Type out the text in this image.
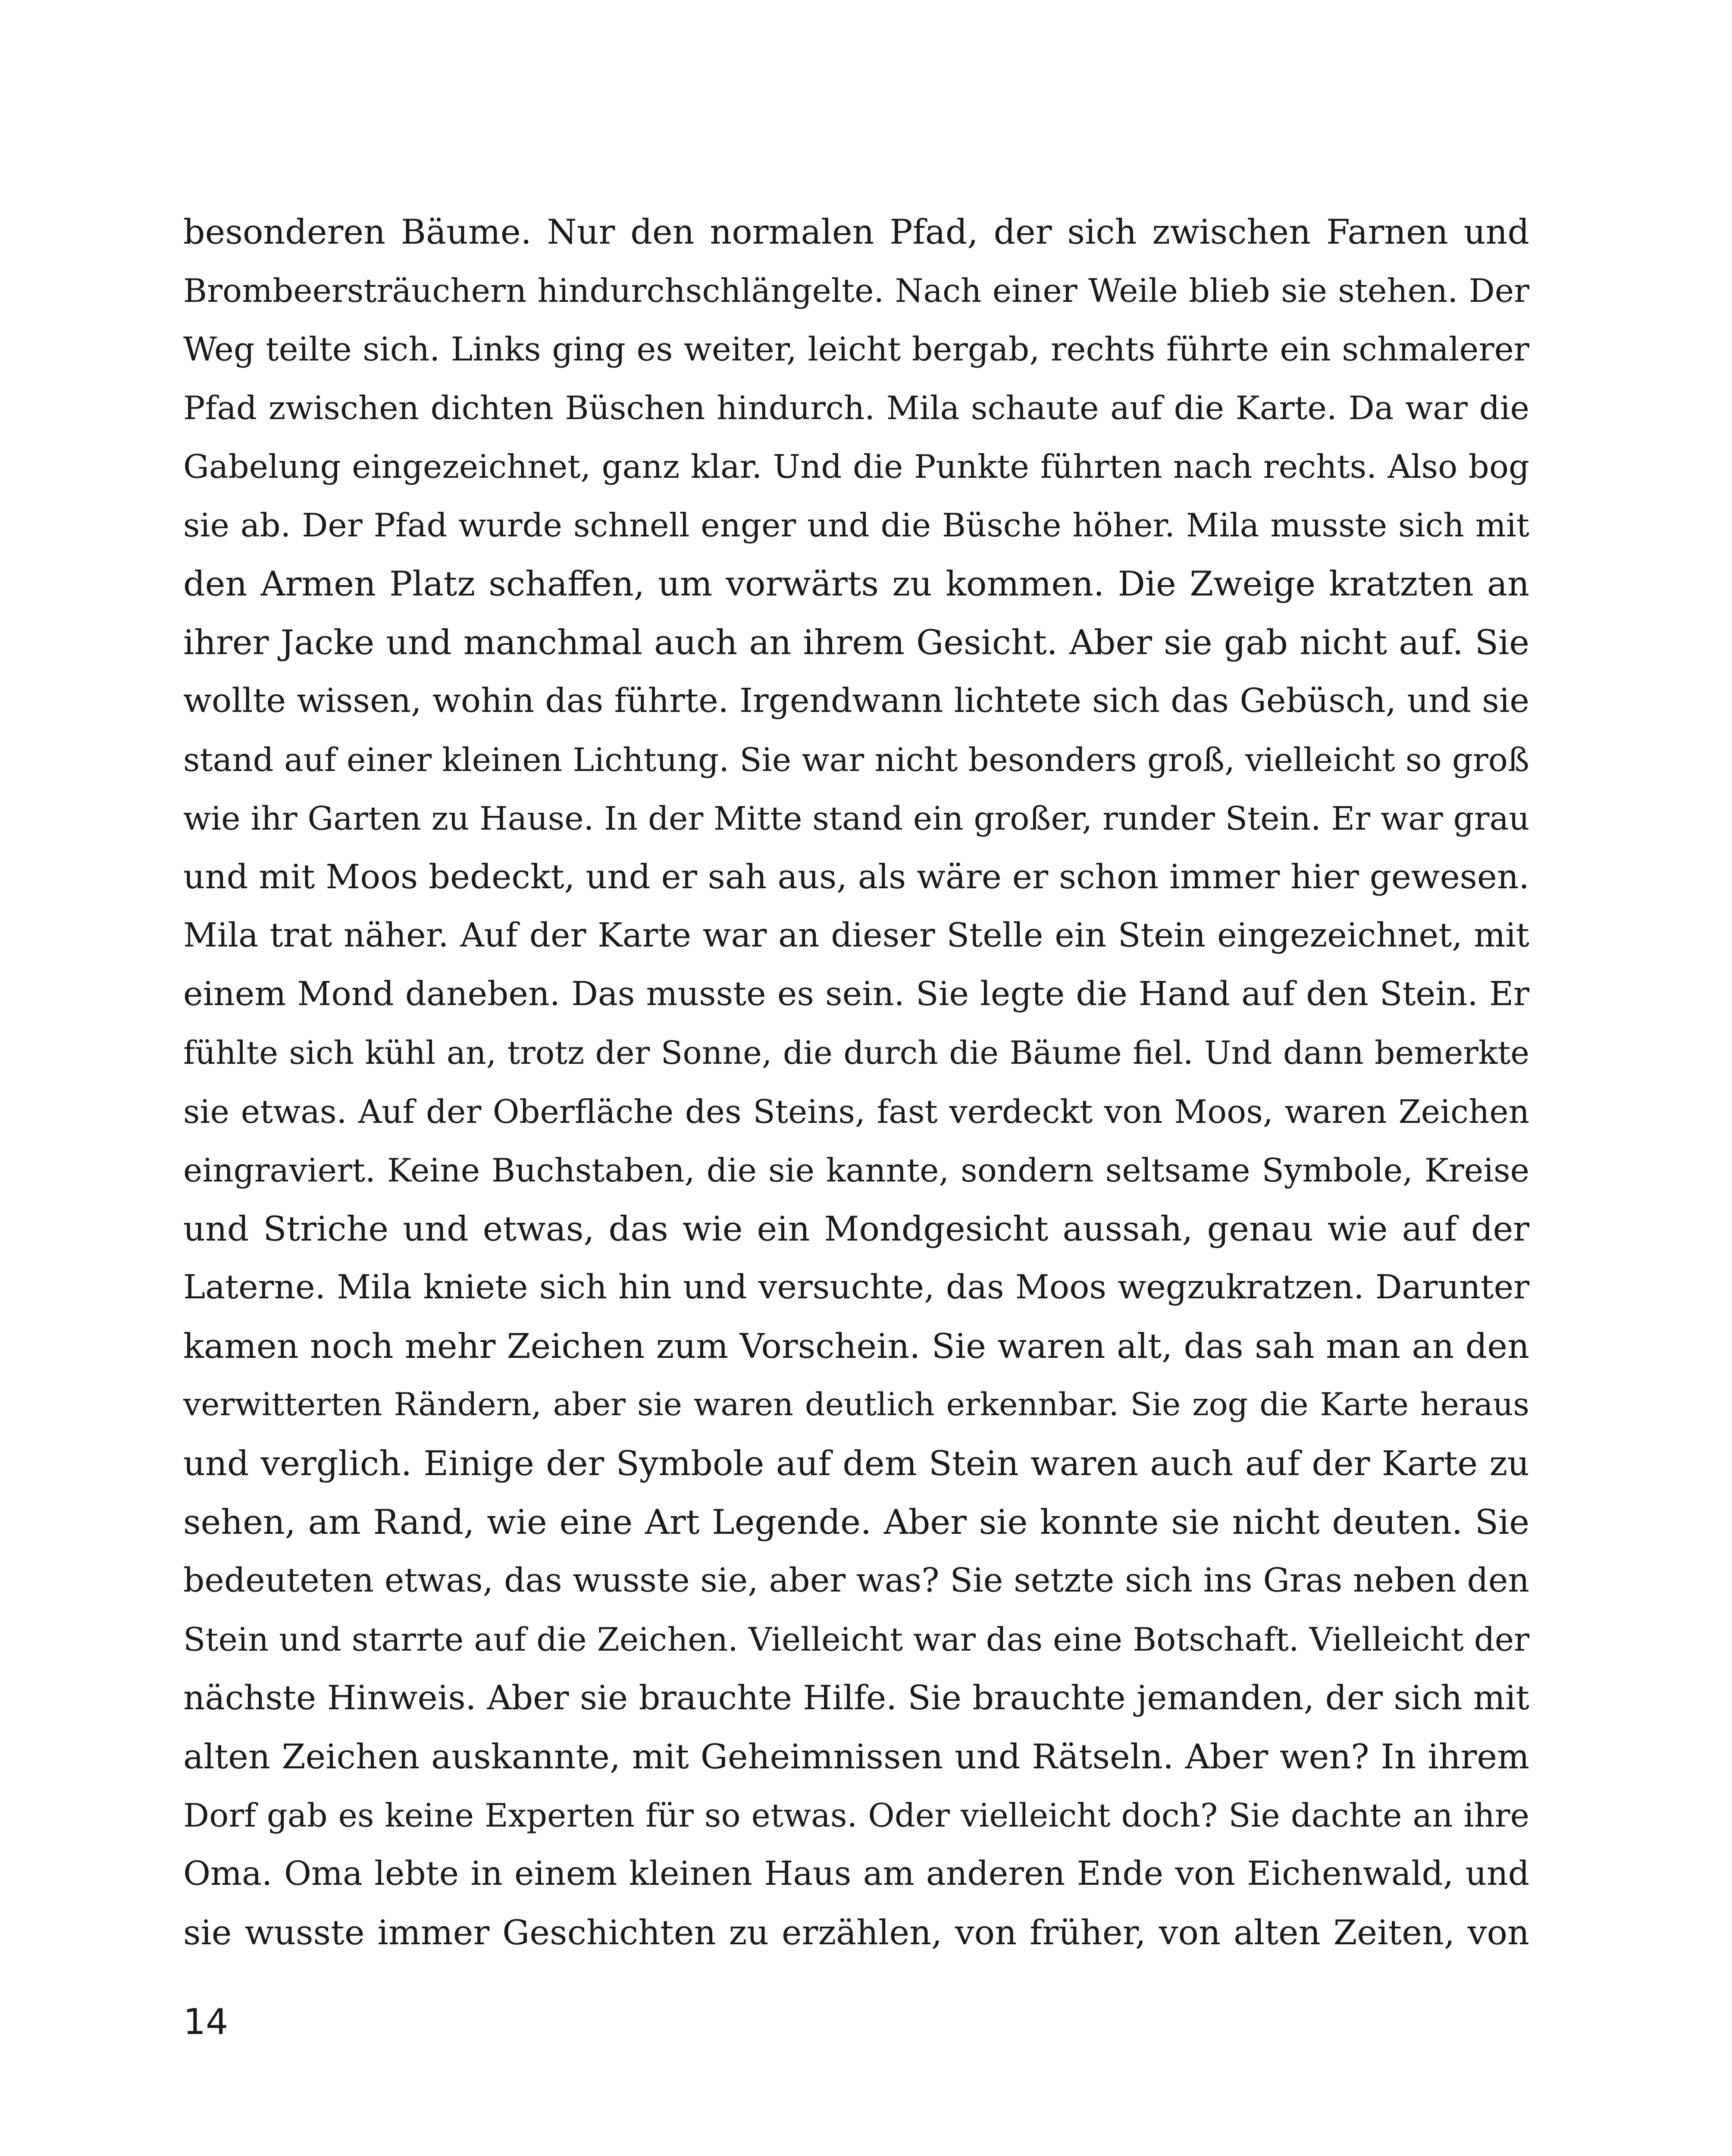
besonderen Bäume. Nur den normalen Pfad, der sich zwischen Farnen und
Brombeersträuchern hindurchschlängelte. Nach einer Weile blieb sie stehen. Der
Weg teilte sich. Links ging es weiter, leicht bergab, rechts führte ein schmalerer
Pfad zwischen dichten Büschen hindurch. Mila schaute auf die Karte. Da war die
Gabelung eingezeichnet, ganz klar. Und die Punkte führten nach rechts. Also bog
sie ab. Der Pfad wurde schnell enger und die Büsche höher. Mila musste sich mit
den Armen Platz schaffen, um vorwärts zu kommen. Die Zweige kratzten an
ihrer Jacke und manchmal auch an ihrem Gesicht. Aber sie gab nicht auf. Sie
wollte wissen, wohin das führte. Irgendwann lichtete sich das Gebüsch, und sie
stand auf einer kleinen Lichtung. Sie war nicht besonders groß, vielleicht so groß
wie ihr Garten zu Hause. In der Mitte stand ein großer, runder Stein. Er war grau
und mit Moos bedeckt, und er sah aus, als wäre er schon immer hier gewesen.
Mila trat näher. Auf der Karte war an dieser Stelle ein Stein eingezeichnet, mit
einem Mond daneben. Das musste es sein. Sie legte die Hand auf den Stein. Er
fühlte sich kühl an, trotz der Sonne, die durch die Bäume fiel. Und dann bemerkte
sie etwas. Auf der Oberfläche des Steins, fast verdeckt von Moos, waren Zeichen
eingraviert. Keine Buchstaben, die sie kannte, sondern seltsame Symbole, Kreise
und Striche und etwas, das wie ein Mondgesicht aussah, genau wie auf der
Laterne. Mila kniete sich hin und versuchte, das Moos wegzukratzen. Darunter
kamen noch mehr Zeichen zum Vorschein. Sie waren alt, das sah man an den
verwitterten Rändern, aber sie waren deutlich erkennbar. Sie zog die Karte heraus
und verglich. Einige der Symbole auf dem Stein waren auch auf der Karte zu
sehen, am Rand, wie eine Art Legende. Aber sie konnte sie nicht deuten. Sie
bedeuteten etwas, das wusste sie, aber was? Sie setzte sich ins Gras neben den
Stein und starrte auf die Zeichen. Vielleicht war das eine Botschaft. Vielleicht der
nächste Hinweis. Aber sie brauchte Hilfe. Sie brauchte jemanden, der sich mit
alten Zeichen auskannte, mit Geheimnissen und Rätseln. Aber wen? In ihrem
Dorf gab es keine Experten für so etwas. Oder vielleicht doch? Sie dachte an ihre
Oma. Oma lebte in einem kleinen Haus am anderen Ende von Eichenwald, und
sie wusste immer Geschichten zu erzählen, von früher, von alten Zeiten, von
14
